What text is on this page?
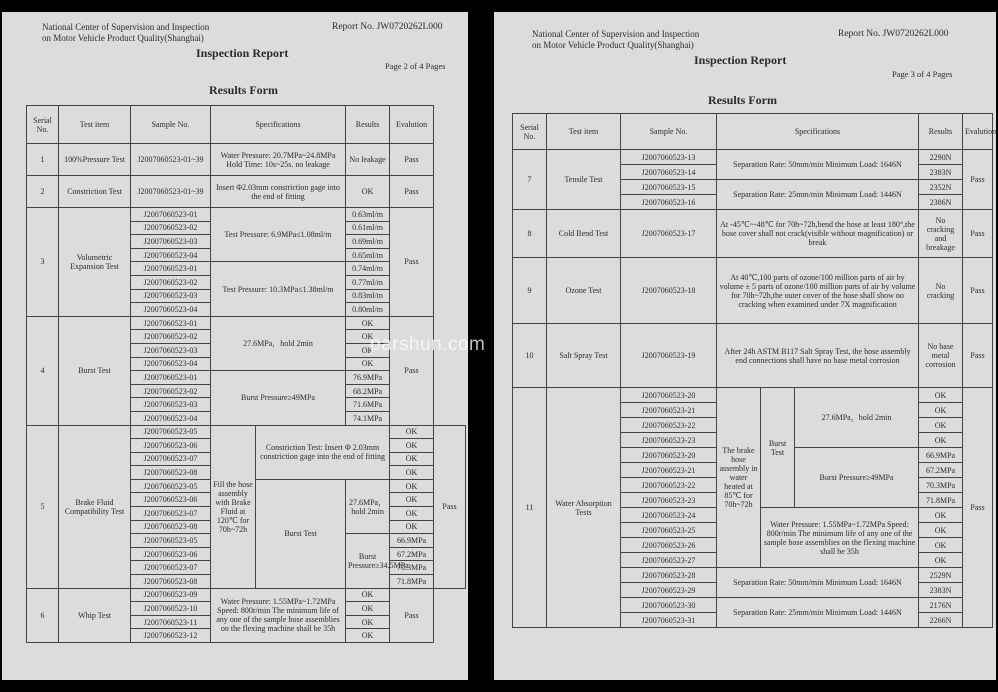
National Center of Supervision and Inspection
on Motor Vehicle Product Quality(Shanghai)
Report No. JW0720262L000
Inspection Report
Page 2 of 4 Pages
Results Form
Serial No.	Test item	Sample No.	Specifications		Results	Evalution	
1	100%Pressure Test	J2007060523-01~39	Water Pressure: 20.7MPa~24.8MPa Hold Time: 10s~25s. no leakage		No leakage	Pass	
2	Constriction Test	J2007060523-01~39	Insert Φ2.03mm constriction gage into the end of fitting		OK	Pass	
3	Volumetric Expansion Test	J2007060523-01	Test Pressure: 6.9MPa≤1.08ml/m		0.63ml/m	Pass	
		J2007060523-02			0.61ml/m		
		J2007060523-03			0.69ml/m		
		J2007060523-04			0.65ml/m		
		J2007060523-01	Test Pressure: 10.3MPa≤1.38ml/m		0.74ml/m		
		J2007060523-02			0.77ml/m		
		J2007060523-03			0.83ml/m		
		J2007060523-04			0.80ml/m		
4	Burst Test	J2007060523-01	27.6MPa，hold 2min		OK	Pass	
		J2007060523-02			OK		
		J2007060523-03			OK		
		J2007060523-04			OK		
		J2007060523-01	Burst Pressure≥49MPa		76.9MPa		
		J2007060523-02			68.2MPa		
		J2007060523-03			71.6MPa		
		J2007060523-04			74.1MPa		
5	Brake Fluid Compatibility Test	J2007060523-05	Fill the hose assembly with Brake Fluid at 120℃ for 70h~72h	Constriction Test: Insert Φ 2.03mm constriction gage into the end of fitting		OK	Pass
		J2007060523-06				OK	
		J2007060523-07				OK	
		J2007060523-08				OK	
		J2007060523-05		Burst Test	27.6MPa，hold 2min	OK	
		J2007060523-06				OK	
		J2007060523-07				OK	
		J2007060523-08				OK	
		J2007060523-05			Burst Pressure≥34.5MPa	66.9MPa	
		J2007060523-06				67.2MPa	
		J2007060523-07				70.3MPa	
		J2007060523-08				71.8MPa	
6	Whip Test	J2007060523-09	Water Pressure: 1.55MPa~1.72MPa Speed: 800r/min The minimum life of any one of the sample hose assemblies on the flexing machine shall be 35h		OK	Pass	
		J2007060523-10			OK		
		J2007060523-11			OK		
		J2007060523-12			OK		
National Center of Supervision and Inspection
on Motor Vehicle Product Quality(Shanghai)
Report No. JW0720262L000
Inspection Report
Page 3 of 4 Pages
Results Form
Serial No.	Test item	Sample No.	Specifications			Results	Evalution
7	Tensile Test	J2007060523-13	Separation Rate: 50mm/min Minimum Load: 1646N			2290N	Pass
		J2007060523-14				2383N	
		J2007060523-15	Separation Rate: 25mm/min Minimum Load: 1446N			2352N	
		J2007060523-16				2386N	
8	Cold Bend Test	J2007060523-17	At -45℃~-48℃ for 70h~72h,bend the hose at least 180°,the hose cover shall not crack(visible without magnification) or break			No cracking and breakage	Pass
9	Ozone Test	J2007060523-18	At 40℃,100 parts of ozone/100 million parts of air by volume ± 5 parts of ozone/100 million parts of air by volume for 70h~72h,the outer cover of the hose shall show no cracking when examined under 7X magnification			No cracking	Pass
10	Salt Spray Test	J2007060523-19	After 24h ASTM B117 Salt Spray Test, the hose assembly end connections shall have no base metal corrosion			No base metal corrosion	Pass
11	Water Absorption Tests	J2007060523-20	The brake hose assembly in water heated at 85℃ for 70h~72h	Burst Test	27.6MPa，hold 2min	OK	Pass
		J2007060523-21				OK	
		J2007060523-22				OK	
		J2007060523-23				OK	
		J2007060523-20			Burst Pressure≥49MPa	66.9MPa	
		J2007060523-21				67.2MPa	
		J2007060523-22				70.3MPa	
		J2007060523-23				71.8MPa	
		J2007060523-24		Water Pressure: 1.55MPa~1.72MPa Speed: 800r/min The minimum life of any one of the sample hose assemblies on the flexing machine shall be 35h		OK	
		J2007060523-25				OK	
		J2007060523-26				OK	
		J2007060523-27				OK	
		J2007060523-28	Separation Rate: 50mm/min Minimum Load: 1646N			2529N	
		J2007060523-29				2383N	
		J2007060523-30	Separation Rate: 25mm/min Minimum Load: 1446N			2176N	
		J2007060523-31				2266N	
parshun.com
